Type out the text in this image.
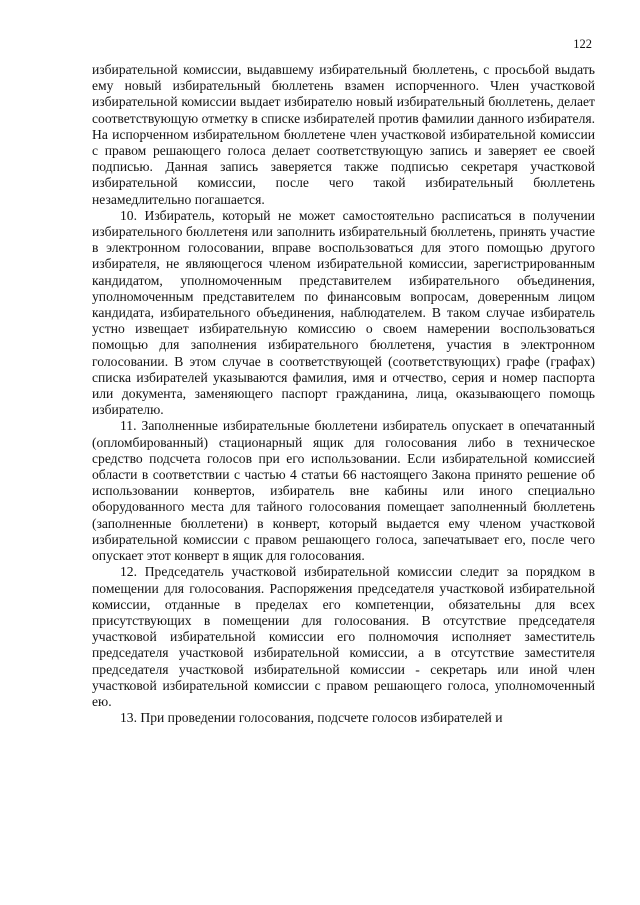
122

избирательной комиссии, выдавшему избирательный бюллетень, с просьбой выдать ему новый избирательный бюллетень взамен испорченного. Член участковой избирательной комиссии выдает избирателю новый избирательный бюллетень, делает соответствующую отметку в списке избирателей против фамилии данного избирателя. На испорченном избирательном бюллетене член участковой избирательной комиссии с правом решающего голоса делает соответствующую запись и заверяет ее своей подписью. Данная запись заверяется также подписью секретаря участковой избирательной комиссии, после чего такой избирательный бюллетень незамедлительно погашается.

10. Избиратель, который не может самостоятельно расписаться в получении избирательного бюллетеня или заполнить избирательный бюллетень, принять участие в электронном голосовании, вправе воспользоваться для этого помощью другого избирателя, не являющегося членом избирательной комиссии, зарегистрированным кандидатом, уполномоченным представителем избирательного объединения, уполномоченным представителем по финансовым вопросам, доверенным лицом кандидата, избирательного объединения, наблюдателем. В таком случае избиратель устно извещает избирательную комиссию о своем намерении воспользоваться помощью для заполнения избирательного бюллетеня, участия в электронном голосовании. В этом случае в соответствующей (соответствующих) графе (графах) списка избирателей указываются фамилия, имя и отчество, серия и номер паспорта или документа, заменяющего паспорт гражданина, лица, оказывающего помощь избирателю.

11. Заполненные избирательные бюллетени избиратель опускает в опечатанный (опломбированный) стационарный ящик для голосования либо в техническое средство подсчета голосов при его использовании. Если избирательной комиссией области в соответствии с частью 4 статьи 66 настоящего Закона принято решение об использовании конвертов, избиратель вне кабины или иного специально оборудованного места для тайного голосования помещает заполненный бюллетень (заполненные бюллетени) в конверт, который выдается ему членом участковой избирательной комиссии с правом решающего голоса, запечатывает его, после чего опускает этот конверт в ящик для голосования.

12. Председатель участковой избирательной комиссии следит за порядком в помещении для голосования. Распоряжения председателя участковой избирательной комиссии, отданные в пределах его компетенции, обязательны для всех присутствующих в помещении для голосования. В отсутствие председателя участковой избирательной комиссии его полномочия исполняет заместитель председателя участковой избирательной комиссии, а в отсутствие заместителя председателя участковой избирательной комиссии - секретарь или иной член участковой избирательной комиссии с правом решающего голоса, уполномоченный ею.

13. При проведении голосования, подсчете голосов избирателей и
